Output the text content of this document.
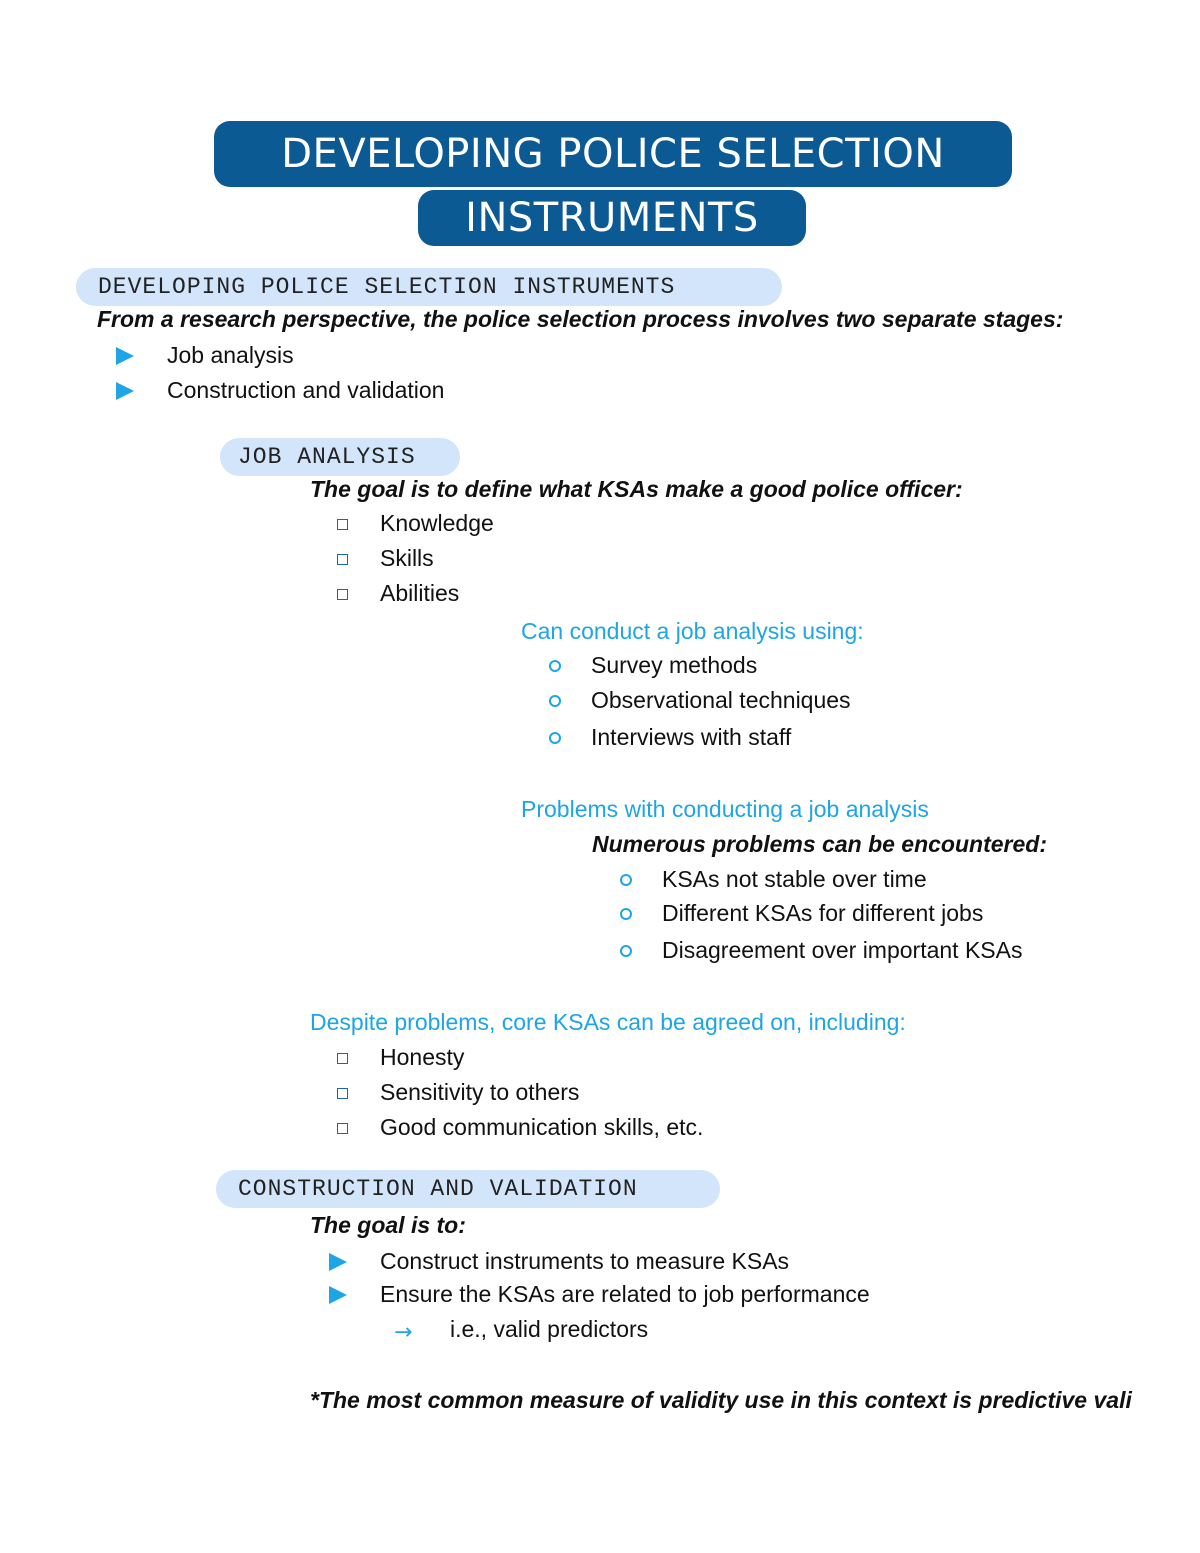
DEVELOPING POLICE SELECTION
INSTRUMENTS
DEVELOPING POLICE SELECTION INSTRUMENTS
From a research perspective, the police selection process involves two separate stages:
Job analysis
Construction and validation
JOB ANALYSIS
The goal is to define what KSAs make a good police officer:
Knowledge
Skills
Abilities
Can conduct a job analysis using:
Survey methods
Observational techniques
Interviews with staff
Problems with conducting a job analysis
Numerous problems can be encountered:
KSAs not stable over time
Different KSAs for different jobs
Disagreement over important KSAs
Despite problems, core KSAs can be agreed on, including:
Honesty
Sensitivity to others
Good communication skills, etc.
CONSTRUCTION AND VALIDATION
The goal is to:
Construct instruments to measure KSAs
Ensure the KSAs are related to job performance
→ i.e., valid predictors
*The most common measure of validity use in this context is predictive vali
